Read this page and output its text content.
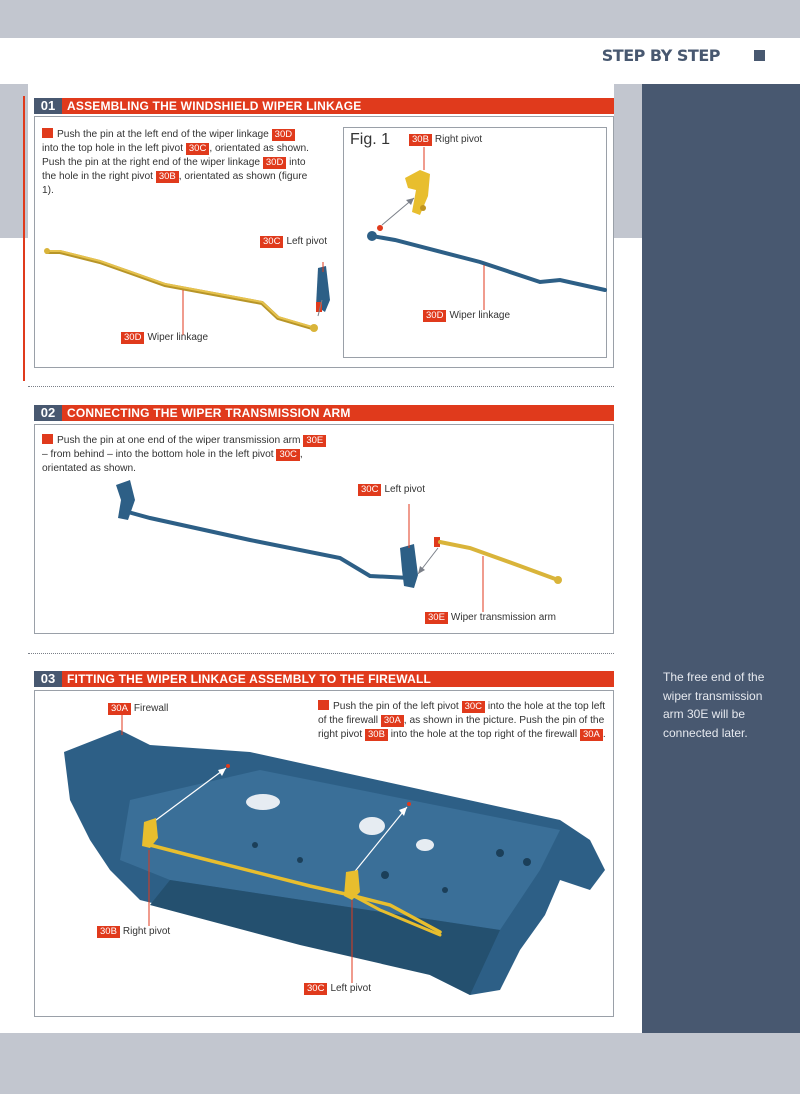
STEP BY STEP
01 ASSEMBLING THE WINDSHIELD WIPER LINKAGE
Push the pin at the left end of the wiper linkage 30D into the top hole in the left pivot 30C , orientated as shown. Push the pin at the right end of the wiper linkage 30D into the hole in the right pivot 30B , orientated as shown (figure 1).
30C Left pivot
30D Wiper linkage
Fig. 1	30B Right pivot
30D Wiper linkage
02 CONNECTING THE WIPER TRANSMISSION ARM
Push the pin at one end of the wiper transmission arm 30E – from behind – into the bottom hole in the left pivot 30C , orientated as shown.
30C Left pivot
30E Wiper transmission arm
03 FITTING THE WIPER LINKAGE ASSEMBLY TO THE FIREWALL
Push the pin of the left pivot 30C into the hole at the top left of the firewall 30A , as shown in the picture. Push the pin of the right pivot 30B into the hole at the top right of the firewall 30A .
30A Firewall
30B Right pivot
30C Left pivot
The free end of the wiper transmission arm 30E will be connected later.
